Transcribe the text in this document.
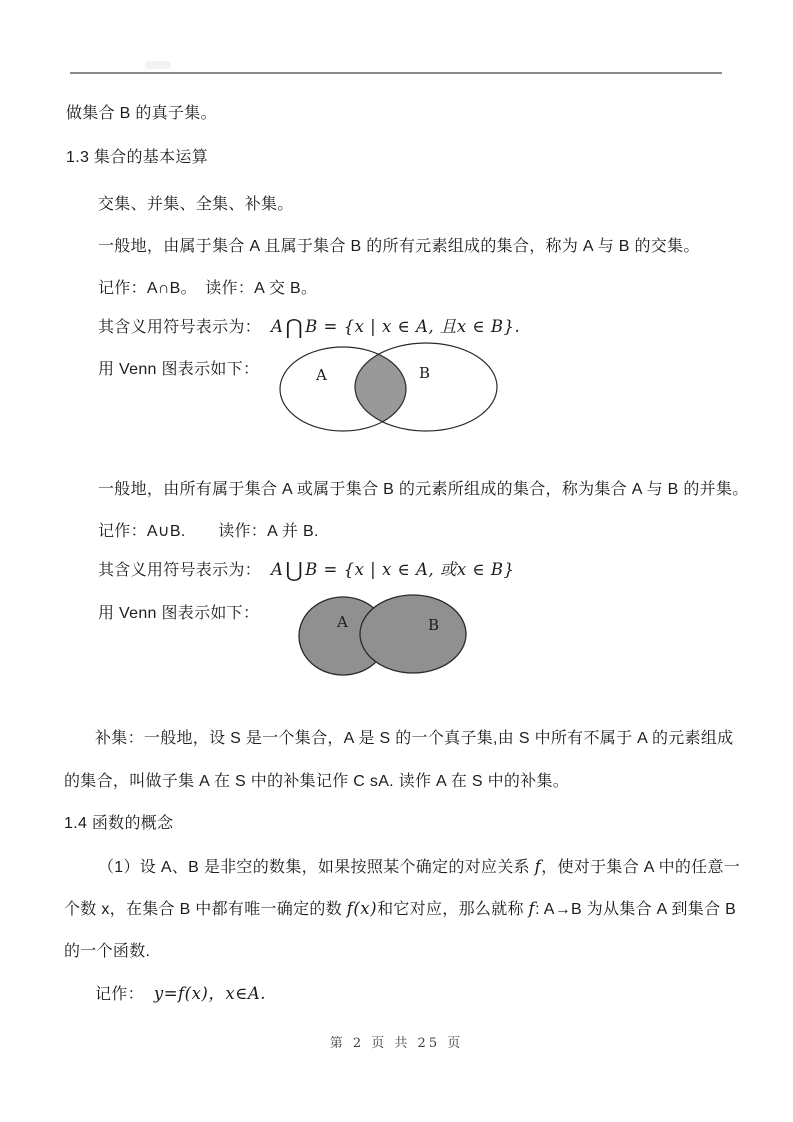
做集合 B 的真子集。
1.3 集合的基本运算
交集、并集、全集、补集。
一般地，由属于集合 A 且属于集合 B 的所有元素组成的集合，称为 A 与 B 的交集。
记作：A∩B。　读作：A 交 B。
其含义用符号表示为： A⋂ B = {x | x ∈ A, 且x ∈ B}.
用 Venn 图表示如下：	A	B
一般地，由所有属于集合 A 或属于集合 B 的元素所组成的集合，称为集合 A 与 B 的并集。
记作：A∪B.　　读作：A 并 B.
其含义用符号表示为： A⋃ B = {x | x ∈ A, 或x ∈ B}
用 Venn 图表示如下：	A	B
补集：一般地，设 S 是一个集合，A 是 S 的一个真子集,由 S 中所有不属于 A 的元素组成
的集合，叫做子集 A 在 S 中的补集记作 C sA. 读作 A 在 S 中的补集。
1.4 函数的概念
（1）设 A、B 是非空的数集，如果按照某个确定的对应关系 f，使对于集合 A 中的任意一
个数 x，在集合 B 中都有唯一确定的数 f(x)和它对应，那么就称 f: A→B 为从集合 A 到集合 B
的一个函数.
记作： y=f(x)，x∈A.
第 2 页 共 25 页
